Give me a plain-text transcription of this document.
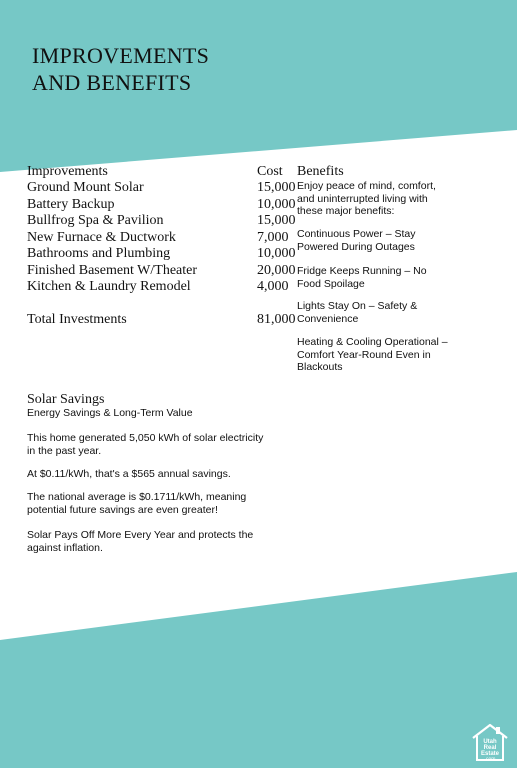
IMPROVEMENTS
AND BENEFITS
Improvements	Cost Benefits
Ground Mount Solar	15,000
Battery Backup	10,000
Bullfrog Spa & Pavilion	15,000
New Furnace & Ductwork	7,000
Bathrooms and Plumbing	10,000
Finished Basement W/Theater	20,000
Kitchen & Laundry Remodel	4,000
Total Investments	81,000
Enjoy peace of mind, comfort, and uninterrupted living with these major benefits:
Continuous Power – Stay Powered During Outages
Fridge Keeps Running – No Food Spoilage
Lights Stay On – Safety & Convenience
Heating & Cooling Operational – Comfort Year-Round Even in Blackouts
Solar Savings
Energy Savings & Long-Term Value
This home generated 5,050 kWh of solar electricity in the past year.
At $0.11/kWh, that's a $565 annual savings.
The national average is $0.1711/kWh, meaning potential future savings are even greater!
Solar Pays Off More Every Year and protects the against inflation.
Utah
Real
Estate
.com
